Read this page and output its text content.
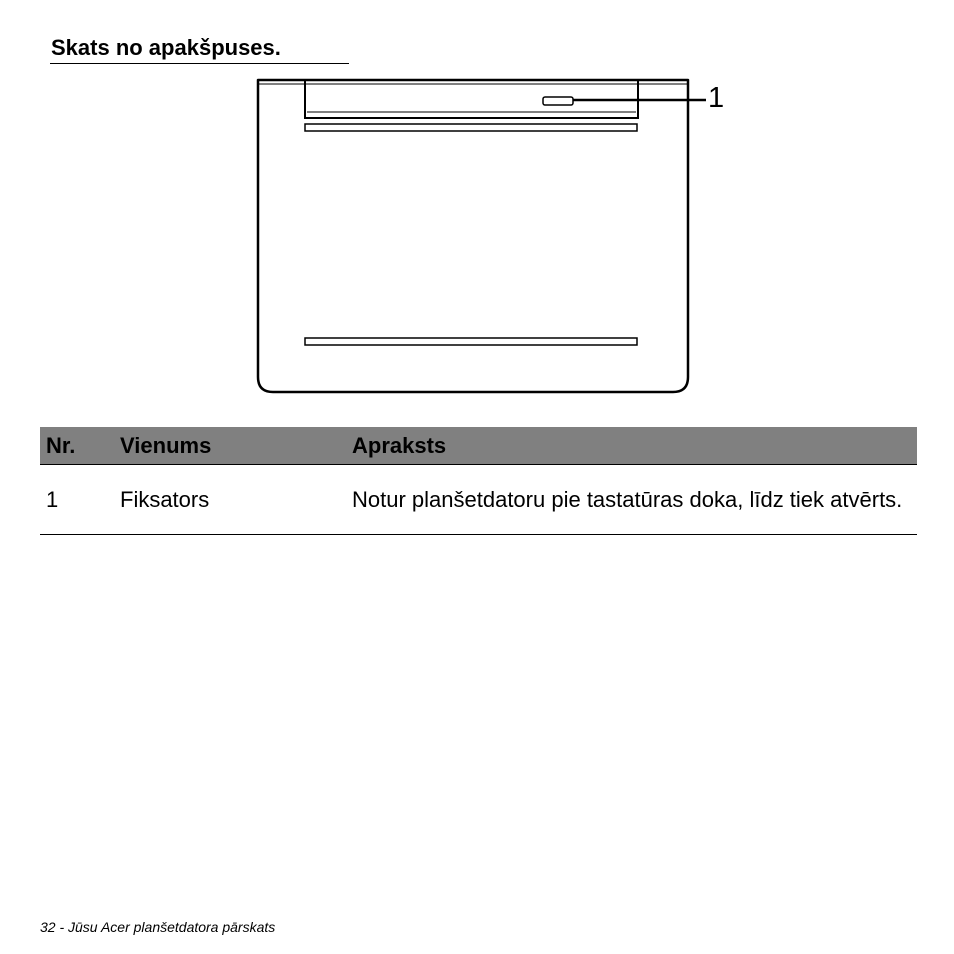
Skats no apakšpuses.
1
Nr.	Vienums	Apraksts
1	Fiksators	Notur planšetdatoru pie tastatūras doka, līdz tiek atvērts.
32 - Jūsu Acer planšetdatora pārskats
